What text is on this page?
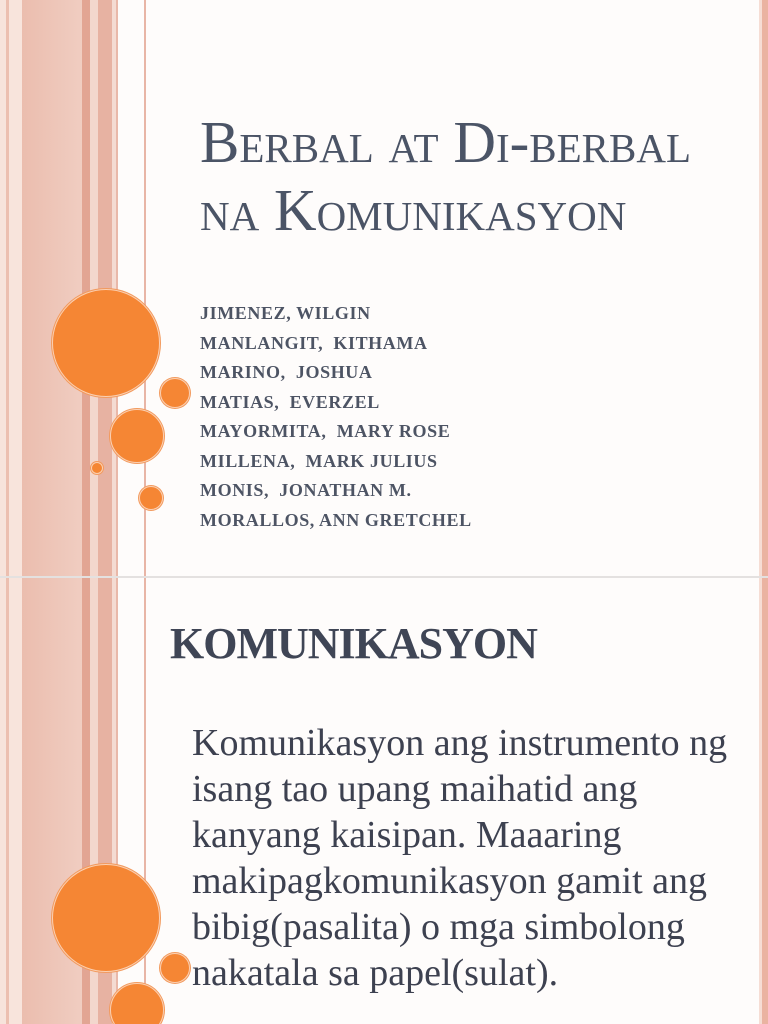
Berbal at Di-berbal
na Komunikasyon
JIMENEZ, WILGIN
MANLANGIT,  KITHAMA
MARINO,  JOSHUA
MATIAS,  EVERZEL
MAYORMITA,  MARY ROSE
MILLENA,  MARK JULIUS
MONIS,  JONATHAN M.
MORALLOS, ANN GRETCHEL
KOMUNIKASYON
Komunikasyon ang instrumento ng
isang tao upang maihatid ang
kanyang kaisipan. Maaaring
makipagkomunikasyon gamit ang
bibig(pasalita) o mga simbolong
nakatala sa papel(sulat).
